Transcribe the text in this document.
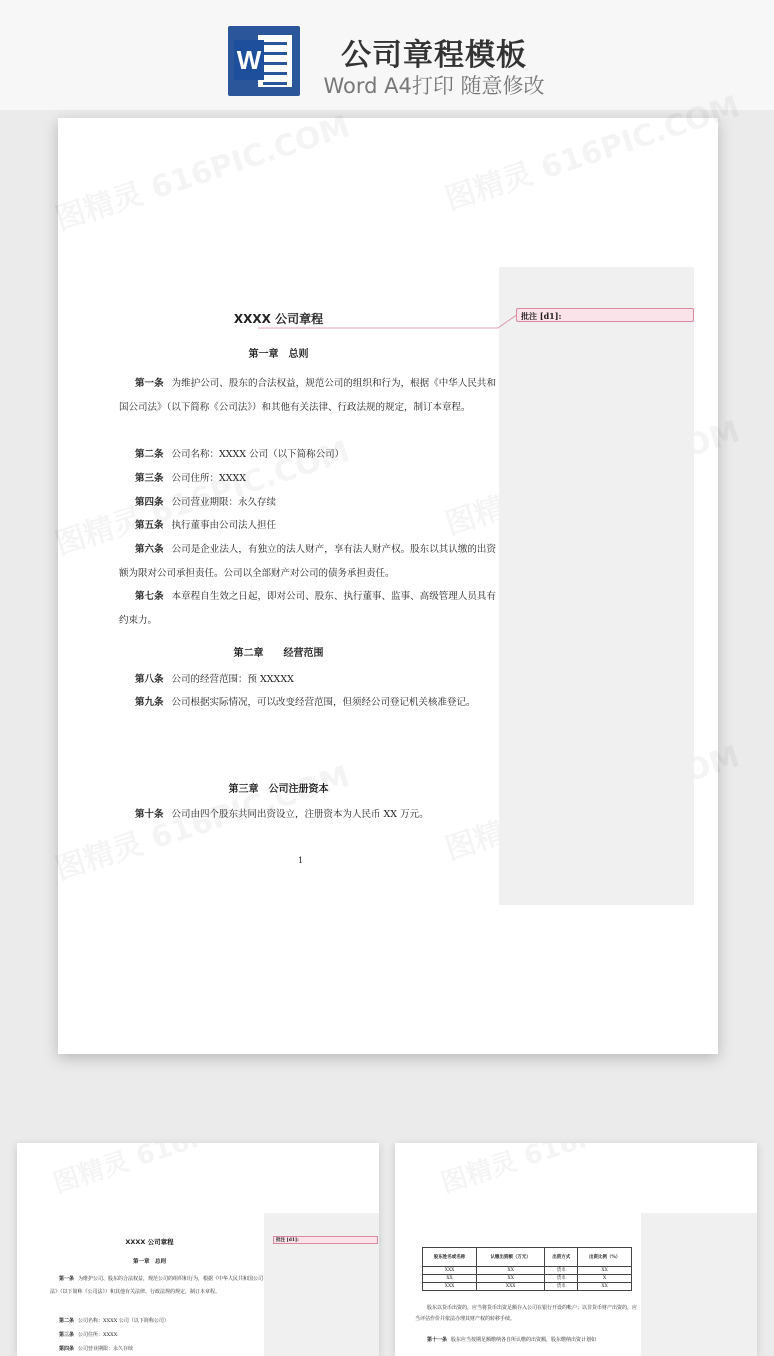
W	公司章程模板
Word A4打印 随意修改
批注 [d1]:
XXXX 公司章程
第一章　总则
第一条 为维护公司、股东的合法权益，规范公司的组织和行为，根据《中华人民共和国公司法》（以下简称《公司法》）和其他有关法律、行政法规的规定，制订本章程。
第二条 公司名称：XXXX 公司（以下简称公司）
第三条 公司住所：XXXX
第四条 公司营业期限：永久存续
第五条 执行董事由公司法人担任
第六条 公司是企业法人，有独立的法人财产，享有法人财产权。股东以其认缴的出资额为限对公司承担责任。公司以全部财产对公司的债务承担责任。
第七条 本章程自生效之日起，即对公司、股东、执行董事、监事、高级管理人员具有约束力。
第二章　　经营范围
第八条 公司的经营范围：预 XXXXX
第九条 公司根据实际情况，可以改变经营范围，但须经公司登记机关核准登记。
第三章　公司注册资本
第十条 公司由四个股东共同出资设立，注册资本为人民币 XX 万元。
1
批注 [d1]:
XXXX 公司章程
第一章　总则
第一条 为维护公司、股东的合法权益，规范公司的组织和行为，根据《中华人民共和国公司法》（以下简称《公司法》）和其他有关法律、行政法规的规定，制订本章程。
第二条 公司名称：XXXX 公司（以下简称公司）
第三条 公司住所：XXXX
第四条 公司营业期限：永久存续
股东姓名或名称	认缴出资额（万元）	出资方式	出资比例（%）
XXX	XX	货币	XX
XX	XX	货币	X
XXX	XXX	货币	XX
股东以货币出资的，应当将货币出资足额存入公司在银行开设的帐户；以非货币财产出资的，应当评估作价并依法办理其财产权的转移手续。
第十一条 股东应当按期足额缴纳各自所认缴的出资额，股东缴纳出资计划如
